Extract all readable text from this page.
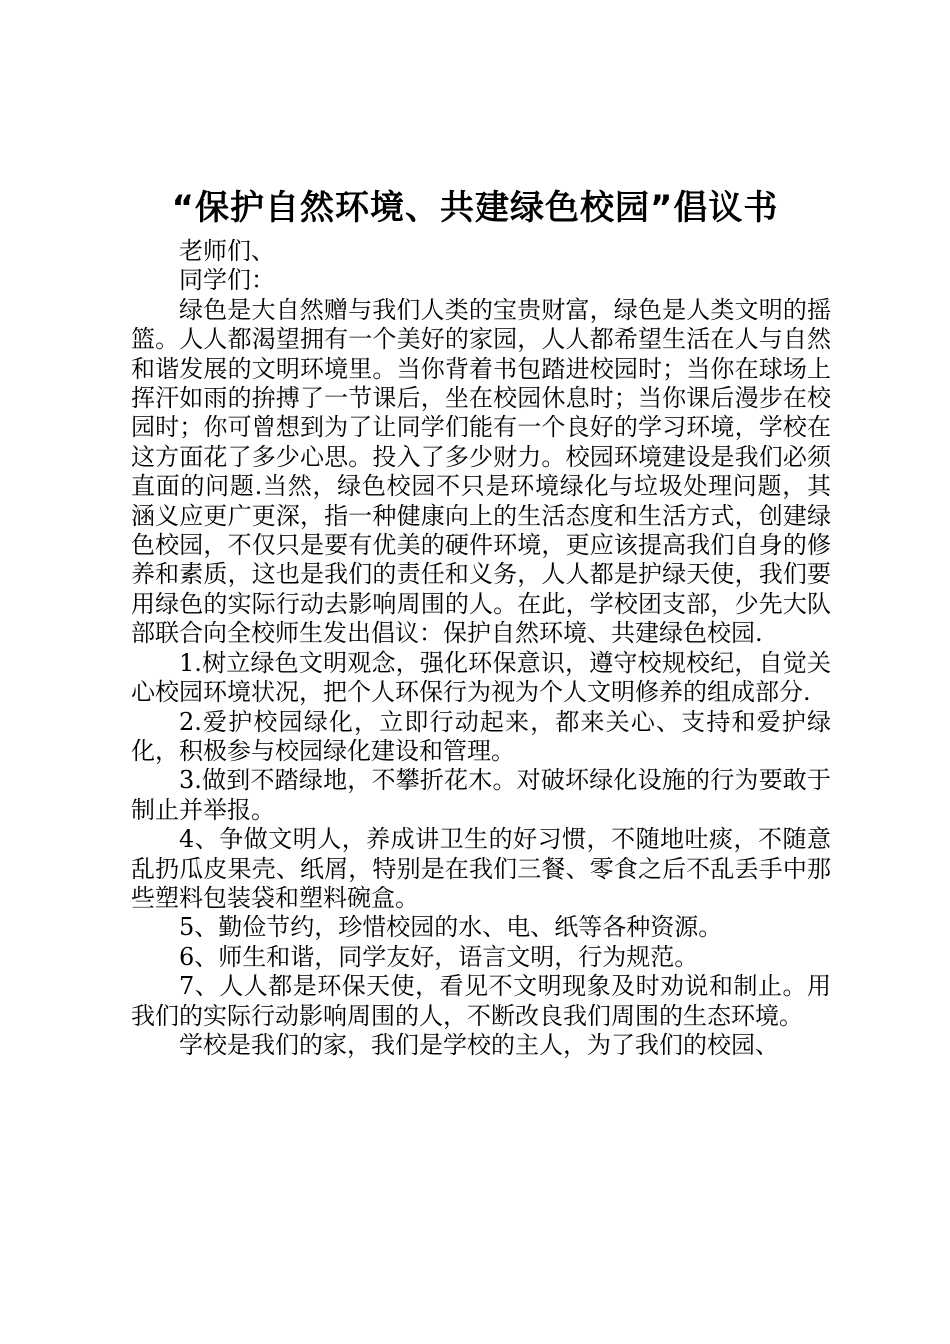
“保护自然环境、共建绿色校园”倡议书

老师们、

同学们：

绿色是大自然赠与我们人类的宝贵财富，绿色是人类文明的摇篮。人人都渴望拥有一个美好的家园，人人都希望生活在人与自然和谐发展的文明环境里。当你背着书包踏进校园时；当你在球场上挥汗如雨的拚搏了一节课后，坐在校园休息时；当你课后漫步在校园时；你可曾想到为了让同学们能有一个良好的学习环境，学校在这方面花了多少心思。投入了多少财力。校园环境建设是我们必须直面的问题.当然，绿色校园不只是环境绿化与垃圾处理问题，其涵义应更广更深，指一种健康向上的生活态度和生活方式，创建绿色校园，不仅只是要有优美的硬件环境，更应该提高我们自身的修养和素质，这也是我们的责任和义务，人人都是护绿天使，我们要用绿色的实际行动去影响周围的人。在此，学校团支部，少先大队部联合向全校师生发出倡议：保护自然环境、共建绿色校园.

1.树立绿色文明观念，强化环保意识，遵守校规校纪，自觉关心校园环境状况，把个人环保行为视为个人文明修养的组成部分.

2.爱护校园绿化，立即行动起来，都来关心、支持和爱护绿化，积极参与校园绿化建设和管理。

3.做到不踏绿地，不攀折花木。对破坏绿化设施的行为要敢于制止并举报。

4、争做文明人，养成讲卫生的好习惯，不随地吐痰，不随意乱扔瓜皮果壳、纸屑，特别是在我们三餐、零食之后不乱丢手中那些塑料包装袋和塑料碗盒。

5、勤俭节约，珍惜校园的水、电、纸等各种资源。

6、师生和谐，同学友好，语言文明，行为规范。

7、人人都是环保天使，看见不文明现象及时劝说和制止。用我们的实际行动影响周围的人，不断改良我们周围的生态环境。

学校是我们的家，我们是学校的主人，为了我们的校园、
